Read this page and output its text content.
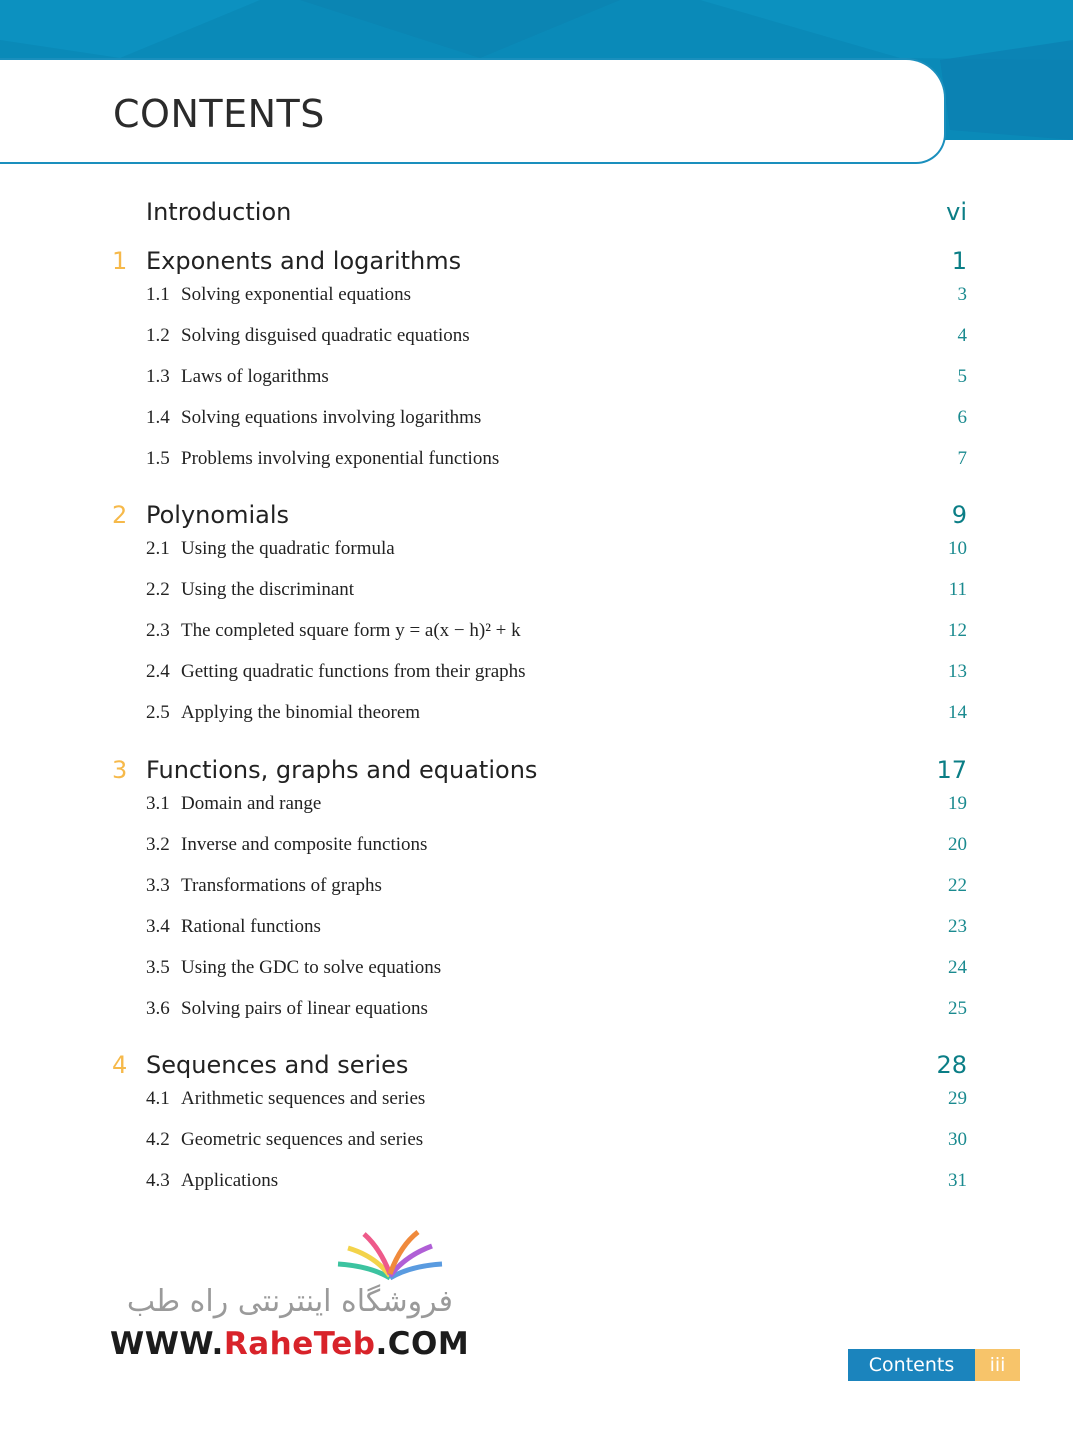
CONTENTS
Introduction	vi
1 Exponents and logarithms	1
1.1 Solving exponential equations	3
1.2 Solving disguised quadratic equations	4
1.3 Laws of logarithms	5
1.4 Solving equations involving logarithms	6
1.5 Problems involving exponential functions	7
2 Polynomials	9
2.1 Using the quadratic formula	10
2.2 Using the discriminant	11
2.3 The completed square form y = a(x − h)² + k	12
2.4 Getting quadratic functions from their graphs	13
2.5 Applying the binomial theorem	14
3 Functions, graphs and equations	17
3.1 Domain and range	19
3.2 Inverse and composite functions	20
3.3 Transformations of graphs	22
3.4 Rational functions	23
3.5 Using the GDC to solve equations	24
3.6 Solving pairs of linear equations	25
4 Sequences and series	28
4.1 Arithmetic sequences and series	29
4.2 Geometric sequences and series	30
4.3 Applications	31
فروشگاه اینترنتی راه طب
WWW.RaheTeb.COM
Contents	iii
